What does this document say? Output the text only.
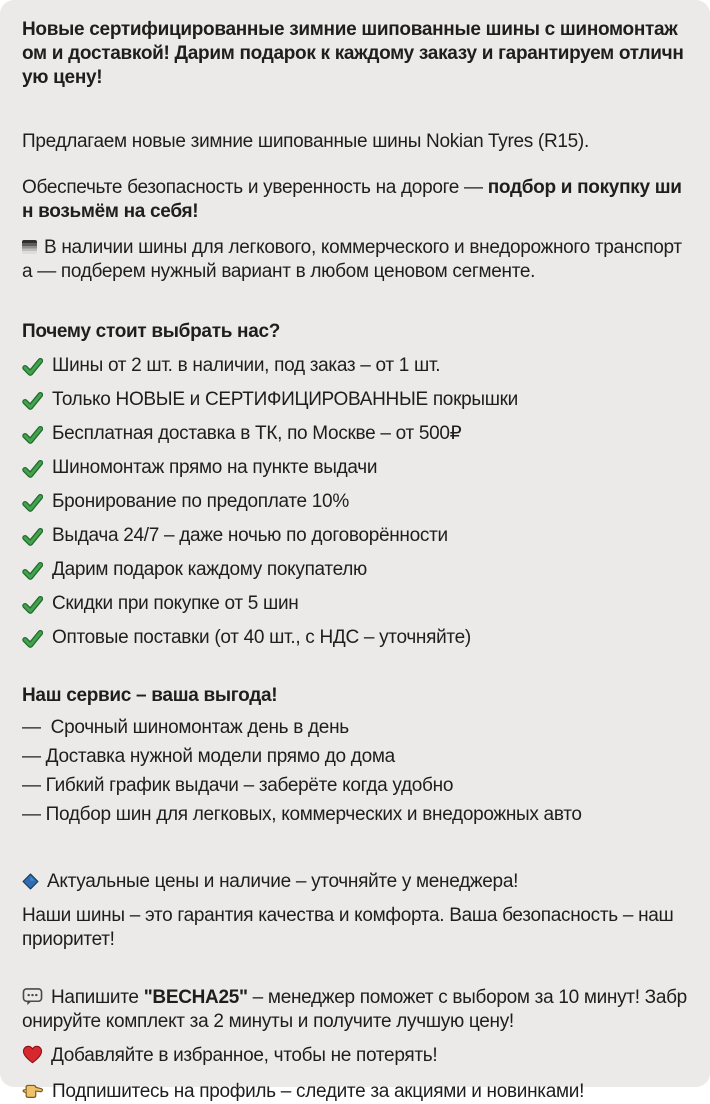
Новые сертифицированные зимние шипованные шины с шиномонтажом и доставкой! Дарим подарок к каждому заказу и гарантируем отличную цену!

Предлагаем новые зимние шипованные шины Nokian Tyres (R15).

Обеспечьте безопасность и уверенность на дороге — подбор и покупку шин возьмём на себя!

В наличии шины для легкового, коммерческого и внедорожного транспорта — подберем нужный вариант в любом ценовом сегменте.

Почему стоит выбрать нас?

Шины от 2 шт. в наличии, под заказ – от 1 шт.
Только НОВЫЕ и СЕРТИФИЦИРОВАННЫЕ покрышки
Бесплатная доставка в ТК, по Москве – от 500₽
Шиномонтаж прямо на пункте выдачи
Бронирование по предоплате 10%
Выдача 24/7 – даже ночью по договорённости
Дарим подарок каждому покупателю
Скидки при покупке от 5 шин
Оптовые поставки (от 40 шт., с НДС – уточняйте)

Наш сервис – ваша выгода!

—  Срочный шиномонтаж день в день
— Доставка нужной модели прямо до дома
— Гибкий график выдачи – заберёте когда удобно
— Подбор шин для легковых, коммерческих и внедорожных авто

Актуальные цены и наличие – уточняйте у менеджера!

Наши шины – это гарантия качества и комфорта. Ваша безопасность – наш приоритет!

Напишите "ВЕСНА25" – менеджер поможет с выбором за 10 минут! Забронируйте комплект за 2 минуты и получите лучшую цену!

Добавляйте в избранное, чтобы не потерять!

Подпишитесь на профиль – следите за акциями и новинками!
